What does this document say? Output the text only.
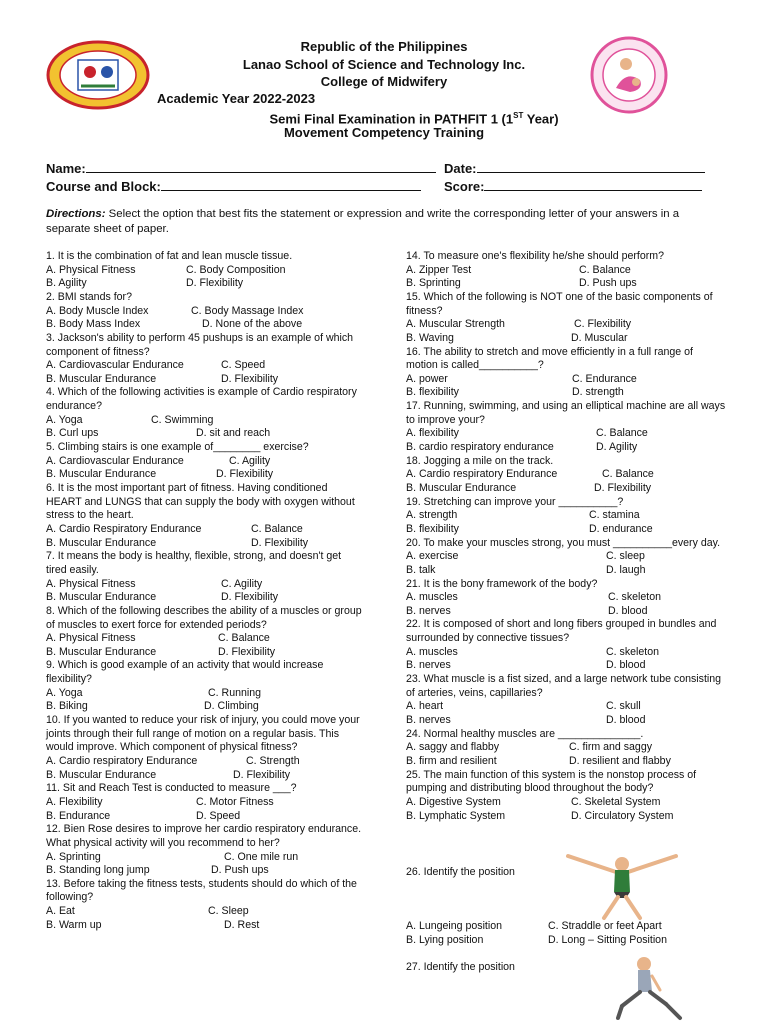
Republic of the Philippines
Lanao School of Science and Technology Inc.
College of Midwifery
Academic Year 2022-2023
Semi Final Examination in PATHFIT 1 (1ST Year)
Movement Competency Training
Name:	Date:
Course and Block:	Score:
Directions: Select the option that best fits the statement or expression and write the corresponding letter of your answers in a separate sheet of paper.
1. It is the combination of fat and lean muscle tissue.
A. Physical Fitness	C. Body Composition
B. Agility	D. Flexibility
2. BMI stands for?
A. Body Muscle Index	C. Body Massage Index
B. Body Mass Index	D. None of the above
3. Jackson's ability to perform 45 pushups is an example of which component of fitness?
A. Cardiovascular Endurance	C. Speed
B. Muscular Endurance	D. Flexibility
4. Which of the following activities is example of Cardio respiratory endurance?
A. Yoga	C. Swimming
B. Curl ups	D. sit and reach
5. Climbing stairs is one example of________ exercise?
A. Cardiovascular Endurance	C. Agility
B. Muscular Endurance	D. Flexibility
6. It is the most important part of fitness. Having conditioned HEART and LUNGS that can supply the body with oxygen without stress to the heart.
A. Cardio Respiratory Endurance	C. Balance
B. Muscular Endurance	D. Flexibility
7. It means the body is healthy, flexible, strong, and doesn't get tired easily.
A. Physical Fitness	C. Agility
B. Muscular Endurance	D. Flexibility
8. Which of the following describes the ability of a muscles or group of muscles to exert force for extended periods?
A. Physical Fitness	C. Balance
B. Muscular Endurance	D. Flexibility
9. Which is good example of an activity that would increase flexibility?
A. Yoga	C. Running
B. Biking	D. Climbing
10. If you wanted to reduce your risk of injury, you could move your joints through their full range of motion on a regular basis. This would improve. Which component of physical fitness?
A. Cardio respiratory Endurance	C. Strength
B. Muscular Endurance	D. Flexibility
11. Sit and Reach Test is conducted to measure ___?
A. Flexibility	C. Motor Fitness
B. Endurance	D. Speed
12. Bien Rose desires to improve her cardio respiratory endurance. What physical activity will you recommend to her?
A. Sprinting	C. One mile run
B. Standing long jump	D. Push ups
13. Before taking the fitness tests, students should do which of the following?
A. Eat	C. Sleep
B. Warm up	D. Rest
14. To measure one's flexibility he/she should perform?
A. Zipper Test	C. Balance
B. Sprinting	D. Push ups
15. Which of the following is NOT one of the basic components of fitness?
A. Muscular Strength	C. Flexibility
B. Waving	D. Muscular
16. The ability to stretch and move efficiently in a full range of motion is called__________?
A. power	C. Endurance
B. flexibility	D. strength
17. Running, swimming, and using an elliptical machine are all ways to improve your?
A. flexibility	C. Balance
B. cardio respiratory endurance	D. Agility
18. Jogging a mile on the track.
A. Cardio respiratory Endurance	C. Balance
B. Muscular Endurance	D. Flexibility
19. Stretching can improve your __________?
A. strength	C. stamina
B. flexibility	D. endurance
20. To make your muscles strong, you must __________every day.
A. exercise	C. sleep
B. talk	D. laugh
21. It is the bony framework of the body?
A. muscles	C. skeleton
B. nerves	D. blood
22. It is composed of short and long fibers grouped in bundles and surrounded by connective tissues?
A. muscles	C. skeleton
B. nerves	D. blood
23. What muscle is a fist sized, and a large network tube consisting of arteries, veins, capillaries?
A. heart	C. skull
B. nerves	D. blood
24. Normal healthy muscles are ______________.
A. saggy and flabby	C. firm and saggy
B. firm and resilient	D. resilient and flabby
25. The main function of this system is the nonstop process of pumping and distributing blood throughout the body?
A. Digestive System	C. Skeletal System
B. Lymphatic System	D. Circulatory System
26. Identify the position
A. Lungeing position	C. Straddle or feet Apart
B. Lying position	D. Long – Sitting Position
27. Identify the position
